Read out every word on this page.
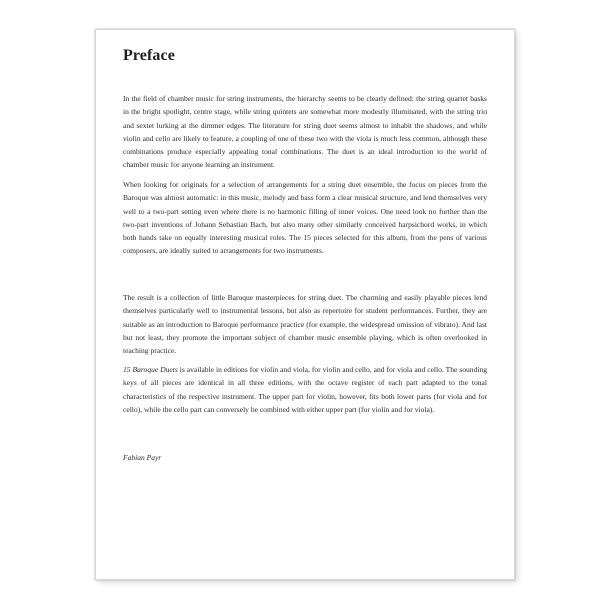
Preface

In the field of chamber music for string instruments, the hierarchy seems to be clearly defined: the string quartet basks in the bright spotlight, centre stage, while string quintets are somewhat more modestly illuminated, with the string trio and sextet lurking at the dimmer edges. The literature for string duet seems almost to inhabit the shadows, and while violin and cello are likely to feature, a coupling of one of these two with the viola is much less common, although these combinations produce especially appealing tonal combinations. The duet is an ideal introduction to the world of chamber music for anyone learning an instrument.

When looking for originals for a selection of arrangements for a string duet ensemble, the focus on pieces from the Baroque was almost automatic: in this music, melody and bass form a clear musical structure, and lend themselves very well to a two-part setting even where there is no harmonic filling of inner voices. One need look no further than the two-part inventions of Johann Sebastian Bach, but also many other similarly conceived harpsichord works, in which both hands take on equally interesting musical roles. The 15 pieces selected for this album, from the pens of various composers, are ideally suited to arrangements for two instruments.

The result is a collection of little Baroque masterpieces for string duet. The charming and easily playable pieces lend themselves particularly well to instrumental lessons, but also as repertoire for student performances. Further, they are suitable as an introduction to Baroque performance practice (for example, the widespread omission of vibrato). And last but not least, they promote the important subject of chamber music ensemble playing, which is often overlooked in teaching practice.

15 Baroque Duets is available in editions for violin and viola, for violin and cello, and for viola and cello. The sounding keys of all pieces are identical in all three editions, with the octave register of each part adapted to the tonal characteristics of the respective instrument. The upper part for violin, however, fits both lower parts (for viola and for cello), while the cello part can conversely be combined with either upper part (for violin and for viola).

Fabian Payr
